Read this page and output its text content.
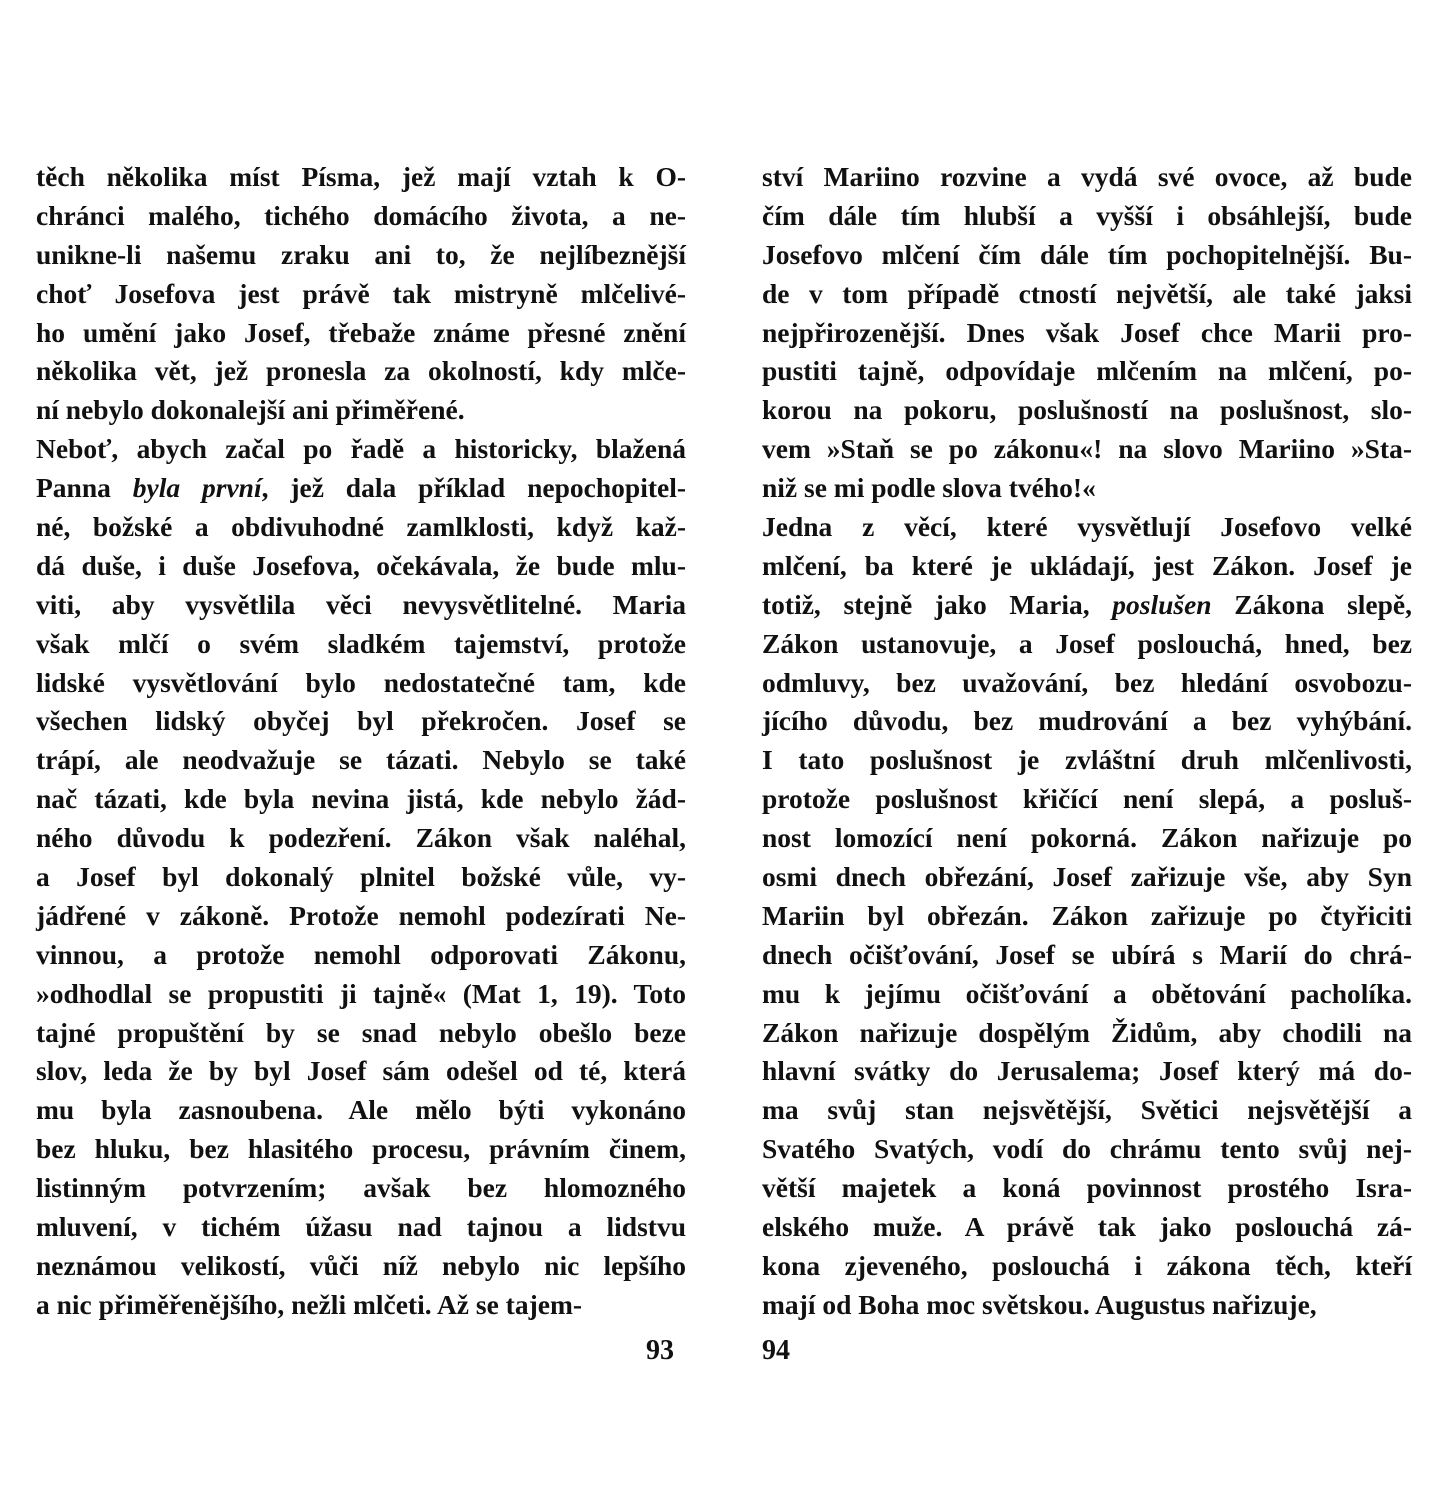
těch několika míst Písma, jež mají vztah k O-
chránci malého, tichého domácího života, a ne-
unikne-li našemu zraku ani to, že nejlíbeznější
choť Josefova jest právě tak mistryně mlčelivé-
ho umění jako Josef, třebaže známe přesné znění
několika vět, jež pronesla za okolností, kdy mlče-
ní nebylo dokonalejší ani přiměřené.
Neboť, abych začal po řadě a historicky, blažená
Panna byla první, jež dala příklad nepochopitel-
né, božské a obdivuhodné zamlklosti, když kaž-
dá duše, i duše Josefova, očekávala, že bude mlu-
viti, aby vysvětlila věci nevysvětlitelné. Maria
však mlčí o svém sladkém tajemství, protože
lidské vysvětlování bylo nedostatečné tam, kde
všechen lidský obyčej byl překročen. Josef se
trápí, ale neodvažuje se tázati. Nebylo se také
nač tázati, kde byla nevina jistá, kde nebylo žád-
ného důvodu k podezření. Zákon však naléhal,
a Josef byl dokonalý plnitel božské vůle, vy-
jádřené v zákoně. Protože nemohl podezírati Ne-
vinnou, a protože nemohl odporovati Zákonu,
»odhodlal se propustiti ji tajně« (Mat 1, 19). Toto
tajné propuštění by se snad nebylo obešlo beze
slov, leda že by byl Josef sám odešel od té, která
mu byla zasnoubena. Ale mělo býti vykonáno
bez hluku, bez hlasitého procesu, právním činem,
listinným potvrzením; avšak bez hlomozného
mluvení, v tichém úžasu nad tajnou a lidstvu
neznámou velikostí, vůči níž nebylo nic lepšího
a nic přiměřenějšího, nežli mlčeti. Až se tajem-
93
ství Mariino rozvine a vydá své ovoce, až bude
čím dále tím hlubší a vyšší i obsáhlejší, bude
Josefovo mlčení čím dále tím pochopitelnější. Bu-
de v tom případě ctností největší, ale také jaksi
nejpřirozenější. Dnes však Josef chce Marii pro-
pustiti tajně, odpovídaje mlčením na mlčení, po-
korou na pokoru, poslušností na poslušnost, slo-
vem »Staň se po zákonu«! na slovo Mariino »Sta-
niž se mi podle slova tvého!«
Jedna z věcí, které vysvětlují Josefovo velké
mlčení, ba které je ukládají, jest Zákon. Josef je
totiž, stejně jako Maria, poslušen Zákona slepě,
Zákon ustanovuje, a Josef poslouchá, hned, bez
odmluvy, bez uvažování, bez hledání osvobozu-
jícího důvodu, bez mudrování a bez vyhýbání.
I tato poslušnost je zvláštní druh mlčenlivosti,
protože poslušnost křičící není slepá, a posluš-
nost lomozící není pokorná. Zákon nařizuje po
osmi dnech obřezání, Josef zařizuje vše, aby Syn
Mariin byl obřezán. Zákon zařizuje po čtyřiciti
dnech očišťování, Josef se ubírá s Marií do chrá-
mu k jejímu očišťování a obětování pacholíka.
Zákon nařizuje dospělým Židům, aby chodili na
hlavní svátky do Jerusalema; Josef který má do-
ma svůj stan nejsvětější, Světici nejsvětější a
Svatého Svatých, vodí do chrámu tento svůj nej-
větší majetek a koná povinnost prostého Isra-
elského muže. A právě tak jako poslouchá zá-
kona zjeveného, poslouchá i zákona těch, kteří
mají od Boha moc světskou. Augustus nařizuje,
94
